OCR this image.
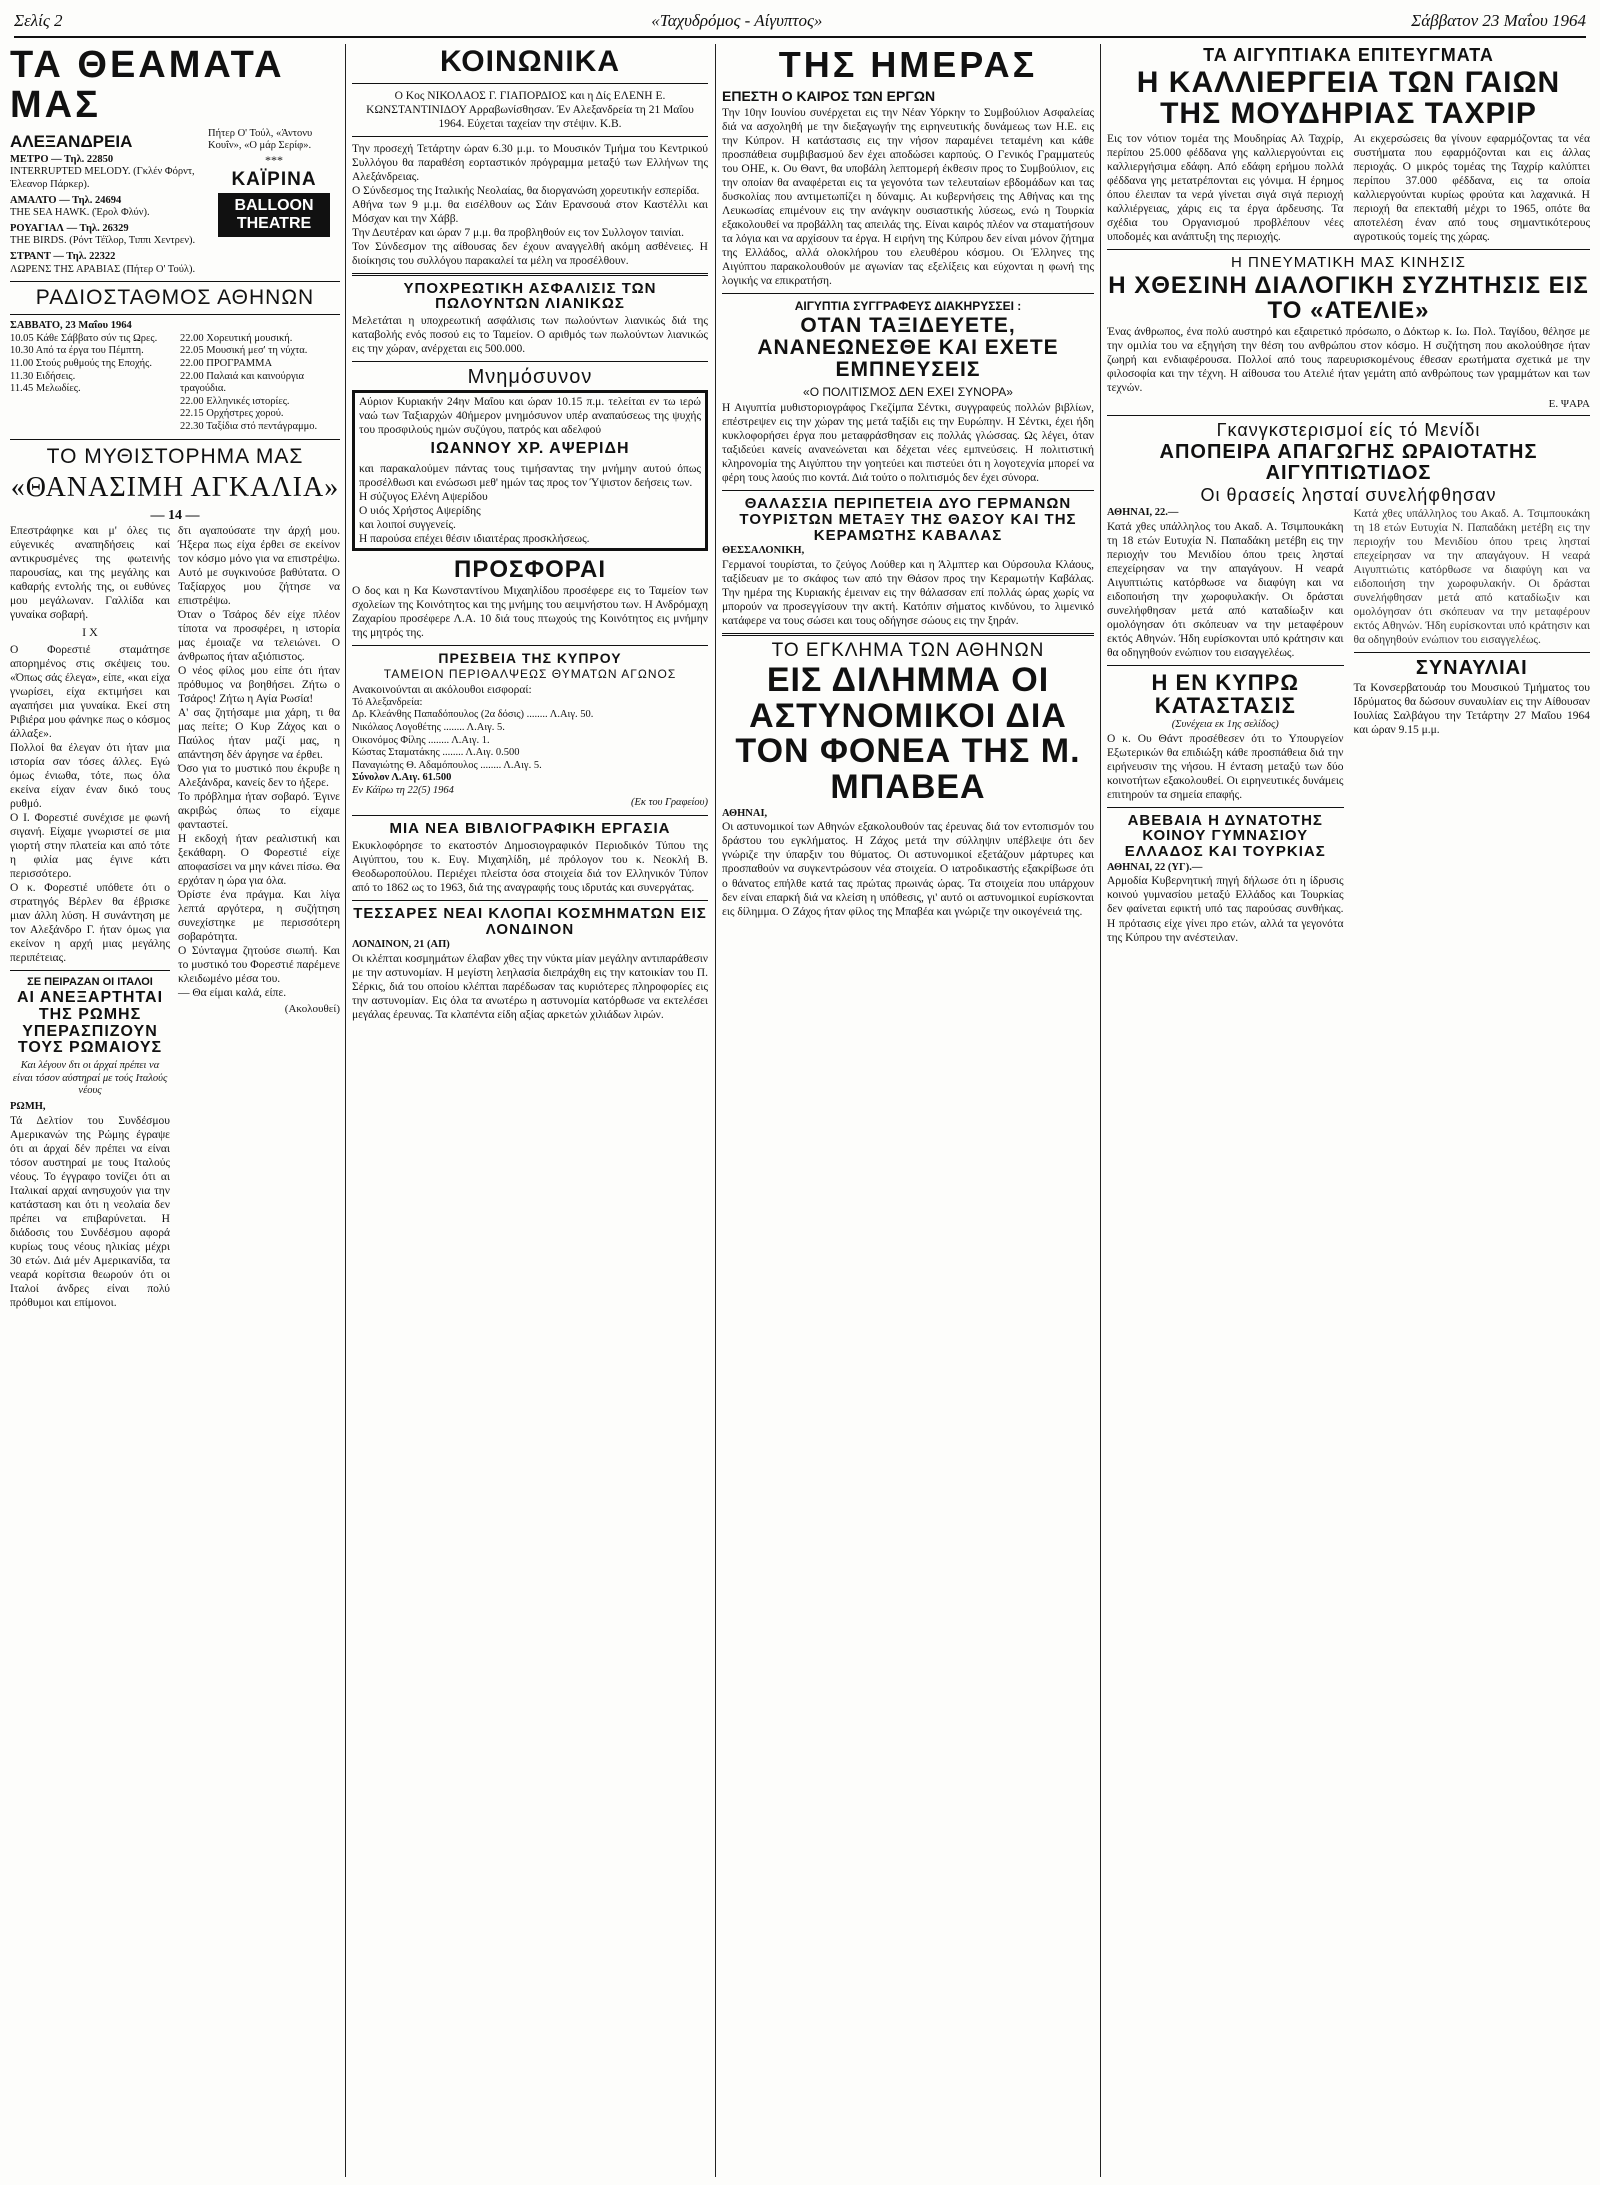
Σελίς 2	«Ταχυδρόμος - Αίγυπτος»	Σάββατον 23 Μαΐου 1964
ΤΑ ΘΕΑΜΑΤΑ ΜΑΣ
ΑΛΕΞΑΝΔΡΕΙΑ
ΜΕΤΡΟ — Τηλ. 22850
INTERRUPTED MELODY. (Γκλέν Φόρντ, Έλεανορ Πάρκερ).
ΑΜΑΛΤΟ — Τηλ. 24694
THE SEA HAWK. (Έρολ Φλύν).
ΡΟΥΑΓΙΑΛ — Τηλ. 26329
THE BIRDS. (Ρόντ Τέϊλορ, Τιππι Χεντρεν).
ΣΤΡΑΝΤ — Τηλ. 22322
ΛΩΡΕΝΣ ΤΗΣ ΑΡΑΒΙΑΣ (Πήτερ Ο' Τούλ).
Πήτερ Ο' Τούλ, «Άντονυ Κουΐν», «Ο μάρ Σερίφ».
***
ΚΑΪΡΙΝΑ
BALLOON THEATRE
ΡΑΔΙΟΣΤΑΘΜΟΣ ΑΘΗΝΩΝ
ΣΑΒΒΑΤΟ, 23 Μαΐου 1964
10.05 Κάθε Σάββατο σύν τις Ωρες.
10.30 Από τα έργα του Πέμπτη.
11.00 Στούς ρυθμούς της Εποχής.
11.30 Ειδήσεις.
11.45 Μελωδίες.
22.00 Χορευτική μουσική.
22.05 Μουσική μεσ' τη νύχτα.
22.00 ΠΡΟΓΡΑΜΜΑ
22.00 Παλαιά και καινούργια τραγούδια.
22.00 Ελληνικές ιστορίες.
22.15 Ορχήστρες χορού.
22.30 Ταξίδια στό πεντάγραμμο.
ΤΟ ΜΥΘΙΣΤΟΡΗΜΑ ΜΑΣ
«ΘΑΝΑΣΙΜΗ ΑΓΚΑΛΙΑ»
— 14 —

Επεστράφηκε και μ' όλες τις εύγενικές αναπηδήσεις καί αντικρυσμένες της φωτεινής παρουσίας, και της μεγάλης και καθαρής εντολής της, οι ευθύνες μου μεγάλωναν. Γαλλίδα και γυναίκα σοβαρή.

I X

Ο Φορεστιέ σταμάτησε απορημένος στις σκέψεις του. «Όπως σάς έλεγα», είπε, «και είχα γνωρίσει, είχα εκτιμήσει και αγαπήσει μια γυναίκα. Εκεί στη Ριβιέρα μου φάνηκε πως ο κόσμος άλλαξε».
Πολλοί θα έλεγαν ότι ήταν μια ιστορία σαν τόσες άλλες. Εγώ όμως ένιωθα, τότε, πως όλα εκείνα είχαν έναν δικό τους ρυθμό.
Ο Ι. Φορεστιέ συνέχισε με φωνή σιγανή. Είχαμε γνωριστεί σε μια γιορτή στην πλατεία και από τότε η φιλία μας έγινε κάτι περισσότερο.
Ο κ. Φορεστιέ υπόθετε ότι ο στρατηγός Βέρλεν θα έβρισκε μιαν άλλη λύση. Η συνάντηση με τον Αλεξάνδρο Γ. ήταν όμως για εκείνον η αρχή μιας μεγάλης περιπέτειας.

ΣΕ ΠΕΙΡΑΖΑΝ ΟΙ ΙΤΑΛΟΙ
ΑΙ ΑΝΕΞΑΡΤΗΤΑΙ ΤΗΣ ΡΩΜΗΣ ΥΠΕΡΑΣΠΙΖΟΥΝ ΤΟΥΣ ΡΩΜΑΙΟΥΣ
Και λέγουν δτι οι άρχαί πρέπει να είναι τόσον αύστηραί με τούς Ιταλούς νέους
ΡΩΜΗ,

Τά Δελτίον του Συνδέσμου Αμερικανών της Ρώμης έγραψε ότι αι άρχαί δέν πρέπει να είναι τόσον αυστηραί με τους Ιταλούς νέους. Το έγγραφο τονίζει ότι αι Ιταλικαί αρχαί ανησυχούν για την κατάσταση και ότι η νεολαία δεν πρέπει να επιβαρύνεται. Η διάδοσις του Συνδέσμου αφορά κυρίως τους νέους ηλικίας μέχρι 30 ετών. Διά μέν Αμερικανίδα, τα νεαρά κορίτσια θεωρούν ότι οι Ιταλοί άνδρες είναι πολύ πρόθυμοι και επίμονοι.

δτι αγαπούσατε την άρχή μου. Ήξερα πως είχα έρθει σε εκείνον τον κόσμο μόνο για να επιστρέψω. Αυτό με συγκινούσε βαθύτατα. Ο Ταξίαρχος μου ζήτησε να επιστρέψω.
Όταν ο Τσάρος δέν είχε πλέον τίποτα να προσφέρει, η ιστορία μας έμοιαζε να τελειώνει. Ο άνθρωπος ήταν αξιόπιστος.
Ο νέος φίλος μου είπε ότι ήταν πρόθυμος να βοηθήσει. Ζήτω ο Τσάρος! Ζήτω η Αγία Ρωσία!
Α' σας ζητήσαμε μια χάρη, τι θα μας πείτε; Ο Κυρ Ζάχος και ο Παύλος ήταν μαζί μας, η απάντηση δέν άργησε να έρθει.
Όσο για το μυστικό που έκρυβε η Αλεξάνδρα, κανείς δεν το ήξερε.
Το πρόβλημα ήταν σοβαρό. Έγινε ακριβώς όπως το είχαμε φανταστεί.
Η εκδοχή ήταν ρεαλιστική και ξεκάθαρη. Ο Φορεστιέ είχε αποφασίσει να μην κάνει πίσω. Θα ερχόταν η ώρα για όλα.
Όρίστε ένα πράγμα. Και λίγα λεπτά αργότερα, η συζήτηση συνεχίστηκε με περισσότερη σοβαρότητα.
Ο Σύνταγμα ζητούσε σιωπή. Και το μυστικό του Φορεστιέ παρέμενε κλειδωμένο μέσα του.
— Θα είμαι καλά, είπε.

(Ακολουθεί)
ΚΟΙΝΩΝΙΚΑ

Ο Κος ΝΙΚΟΛΑΟΣ Γ. ΓΙΑΠΟΡΔΙΟΣ και η Δίς ΕΛΕΝΗ Ε. ΚΩΝΣΤΑΝΤΙΝΙΔΟΥ Αρραβωνίσθησαν. Έν Αλεξανδρεία τη 21 Μαΐου 1964. Εύχεται ταχείαν την στέψιν. Κ.Β.

Την προσεχή Τετάρτην ώραν 6.30 μ.μ. το Μουσικόν Τμήμα του Κεντρικού Συλλόγου θα παραθέση εορταστικόν πρόγραμμα μεταξύ των Ελλήνων της Αλεξάνδρειας.
Ο Σύνδεσμος της Ιταλικής Νεολαίας, θα διοργανώση χορευτικήν εσπερίδα.
Αθήνα των 9 μ.μ. θα εισέλθουν ως Σάιν Ερανσουά στον Καστέλλι και Μόσχαν και την Χάββ.
Την Δευτέραν και ώραν 7 μ.μ. θα προβληθούν εις τον Συλλογον ταινίαι.
Τον Σύνδεσμον της αίθουσας δεν έχουν αναγγελθή ακόμη ασθένειες. Η διοίκησις του συλλόγου παρακαλεί τα μέλη να προσέλθουν.

ΥΠΟΧΡΕΩΤΙΚΗ ΑΣΦΑΛΙΣΙΣ ΤΩΝ ΠΩΛΟΥΝΤΩΝ ΛΙΑΝΙΚΩΣ

Μελετάται η υποχρεωτική ασφάλισις των πωλούντων λιανικώς διά της καταβολής ενός ποσού εις το Ταμείον. Ο αριθμός των πωλούντων λιανικώς εις την χώραν, ανέρχεται εις 500.000.

Μνημόσυνον

Αύριον Κυριακήν 24ην Μαΐου και ώραν 10.15 π.μ. τελείται εν τω ιερώ ναώ των Ταξιαρχών 40ήμερον μνημόσυνον υπέρ αναπαύσεως της ψυχής του προσφιλούς ημών συζύγου, πατρός και αδελφού

ΙΩΑΝΝΟΥ ΧΡ. ΑΨΕΡΙΔΗ

και παρακαλούμεν πάντας τους τιμήσαντας την μνήμην αυτού όπως προσέλθωσι και ενώσωσι μεθ' ημών τας προς τον Ύψιστον δεήσεις των.
Η σύζυγος Ελένη Αψερίδου
Ο υιός Χρήστος Αψερίδης
και λοιποί συγγενείς.
Η παρούσα επέχει θέσιν ιδιαιτέρας προσκλήσεως.

ΠΡΟΣΦΟΡΑΙ

Ο δος και η Κα Κωνσταντίνου Μιχαηλίδου προσέφερε εις το Ταμείον των σχολείων της Κοινότητος και της μνήμης του αειμνήστου των. Η Ανδρόμαχη Ζαχαρίου προσέφερε Λ.Α. 10 διά τους πτωχούς της Κοινότητος εις μνήμην της μητρός της.

ΠΡΕΣΒΕΙΑ ΤΗΣ ΚΥΠΡΟΥ
ΤΑΜΕΙΟΝ ΠΕΡΙΘΑΛΨΕΩΣ ΘΥΜΑΤΩΝ ΑΓΩΝΟΣ

Ανακοινούνται αι ακόλουθοι εισφοραί:

Τό Αλεξανδρεία:
Δρ. Κλεάνθης Παπαδόπουλος (2α δόσις) ........ Λ.Αιγ. 50.
Νικόλαος Λογοθέτης ........ Λ.Αιγ. 5.
Οικονόμος Φίλης ........ Λ.Αιγ. 1.
Κώστας Σταματάκης ........ Λ.Αιγ. 0.500
Παναγιώτης Θ. Αδαμόπουλος ........ Λ.Αιγ. 5.
Σύνολον Λ.Αιγ. 61.500
Εν Κάϊρω τη 22(5) 1964
(Εκ του Γραφείου)
ΜΙΑ ΝΕΑ ΒΙΒΛΙΟΓΡΑΦΙΚΗ ΕΡΓΑΣΙΑ

Εκυκλοφόρησε το εκατοστόν Δημοσιογραφικόν Περιοδικόν Τύπου της Αιγύπτου, του κ. Ευγ. Μιχαηλίδη, μέ πρόλογον του κ. Νεοκλή Β. Θεοδωροπούλου. Περιέχει πλείστα όσα στοιχεία διά τον Ελληνικόν Τύπον από το 1862 ως το 1963, διά της αναγραφής τους ιδρυτάς και συνεργάτας.

ΤΕΣΣΑΡΕΣ ΝΕΑΙ ΚΛΟΠΑΙ ΚΟΣΜΗΜΑΤΩΝ ΕΙΣ ΛΟΝΔΙΝΟΝ
ΛΟΝΔΙΝΟΝ, 21 (ΑΠ)

Οι κλέπται κοσμημάτων έλαβαν χθες την νύκτα μίαν μεγάλην αντιπαράθεσιν με την αστυνομίαν. Η μεγίστη λεηλασία διεπράχθη εις την κατοικίαν του Π. Σέρκις, διά του οποίου κλέπται παρέδωσαν τας κυριότερες πληροφορίες εις την αστυνομίαν. Εις όλα τα ανωτέρω η αστυνομία κατόρθωσε να εκτελέσει μεγάλας έρευνας. Τα κλαπέντα είδη αξίας αρκετών χιλιάδων λιρών.

ΤΗΣ ΗΜΕΡΑΣ
ΕΠΕΣΤΗ Ο ΚΑΙΡΟΣ ΤΩΝ ΕΡΓΩΝ

Την 10ην Ιουνίου συνέρχεται εις την Νέαν Υόρκην το Συμβούλιον Ασφαλείας διά να ασχοληθή με την διεξαγωγήν της ειρηνευτικής δυνάμεως των Η.Ε. εις την Κύπρον. Η κατάστασις εις την νήσον παραμένει τεταμένη και κάθε προσπάθεια συμβιβασμού δεν έχει αποδώσει καρπούς. Ο Γενικός Γραμματεύς του ΟΗΕ, κ. Ου Θαντ, θα υποβάλη λεπτομερή έκθεσιν προς το Συμβούλιον, εις την οποίαν θα αναφέρεται εις τα γεγονότα των τελευταίων εβδομάδων και τας δυσκολίας που αντιμετωπίζει η δύναμις. Αι κυβερνήσεις της Αθήνας και της Λευκωσίας επιμένουν εις την ανάγκην ουσιαστικής λύσεως, ενώ η Τουρκία εξακολουθεί να προβάλλη τας απειλάς της. Είναι καιρός πλέον να σταματήσουν τα λόγια και να αρχίσουν τα έργα. Η ειρήνη της Κύπρου δεν είναι μόνον ζήτημα της Ελλάδος, αλλά ολοκλήρου του ελευθέρου κόσμου. Οι Έλληνες της Αιγύπτου παρακολουθούν με αγωνίαν τας εξελίξεις και εύχονται η φωνή της λογικής να επικρατήση.

ΑΙΓΥΠΤΙΑ ΣΥΓΓΡΑΦΕΥΣ ΔΙΑΚΗΡΥΣΣΕΙ :
ΟΤΑΝ ΤΑΞΙΔΕΥΕΤΕ, ΑΝΑΝΕΩΝΕΣΘΕ ΚΑΙ ΕΧΕΤΕ ΕΜΠΝΕΥΣΕΙΣ
«Ο ΠΟΛΙΤΙΣΜΟΣ ΔΕΝ ΕΧΕΙ ΣΥΝΟΡΑ»

Η Αιγυπτία μυθιστοριογράφος Γκεζίμπα Σέντκι, συγγραφεύς πολλών βιβλίων, επέστρεψεν εις την χώραν της μετά ταξίδι εις την Ευρώπην. Η Σέντκι, έχει ήδη κυκλοφορήσει έργα που μεταφράσθησαν εις πολλάς γλώσσας. Ως λέγει, όταν ταξιδεύει κανείς ανανεώνεται και δέχεται νέες εμπνεύσεις. Η πολιτιστική κληρονομία της Αιγύπτου την γοητεύει και πιστεύει ότι η λογοτεχνία μπορεί να φέρη τους λαούς πιο κοντά. Διά τούτο ο πολιτισμός δεν έχει σύνορα.

ΘΑΛΑΣΣΙΑ ΠΕΡΙΠΕΤΕΙΑ ΔΥΟ ΓΕΡΜΑΝΩΝ ΤΟΥΡΙΣΤΩΝ ΜΕΤΑΞΥ ΤΗΣ ΘΑΣΟΥ ΚΑΙ ΤΗΣ ΚΕΡΑΜΩΤΗΣ ΚΑΒΑΛΑΣ
ΘΕΣΣΑΛΟΝΙΚΗ,

Γερμανοί τουρίσται, το ζεύγος Λούθερ και η Άλμπτερ και Ούρσουλα Κλάους, ταξίδευαν με το σκάφος των από την Θάσον προς την Κεραμωτήν Καβάλας. Την ημέρα της Κυριακής έμειναν εις την θάλασσαν επί πολλάς ώρας χωρίς να μπορούν να προσεγγίσουν την ακτή. Κατόπιν σήματος κινδύνου, το λιμενικό κατάφερε να τους σώσει και τους οδήγησε σώους εις την ξηράν.

ΤΟ ΕΓΚΛΗΜΑ ΤΩΝ ΑΘΗΝΩΝ
ΕΙΣ ΔΙΛΗΜΜΑ ΟΙ ΑΣΤΥΝΟΜΙΚΟΙ ΔΙΑ ΤΟΝ ΦΟΝΕΑ ΤΗΣ Μ. ΜΠΑΒΕΑ
ΑΘΗΝΑΙ,

Οι αστυνομικοί των Αθηνών εξακολουθούν τας έρευνας διά τον εντοπισμόν του δράστου του εγκλήματος. Η Ζάχος μετά την σύλληψιν υπέβλεψε ότι δεν γνώριζε την ύπαρξιν του θύματος. Οι αστυνομικοί εξετάζουν μάρτυρες και προσπαθούν να συγκεντρώσουν νέα στοιχεία. Ο ιατροδικαστής εξακρίβωσε ότι ο θάνατος επήλθε κατά τας πρώτας πρωινάς ώρας. Τα στοιχεία που υπάρχουν δεν είναι επαρκή διά να κλείση η υπόθεσις, γι' αυτό οι αστυνομικοί ευρίσκονται εις δίλημμα. Ο Ζάχος ήταν φίλος της Μπαβέα και γνώριζε την οικογένειά της.

ΤΑ ΑΙΓΥΠΤΙΑΚΑ ΕΠΙΤΕΥΓΜΑΤΑ
Η ΚΑΛΛΙΕΡΓΕΙΑ ΤΩΝ ΓΑΙΩΝ ΤΗΣ ΜΟΥΔΗΡΙΑΣ ΤΑΧΡΙΡ

Εις τον νότιον τομέα της Μουδηρίας Αλ Ταχρίρ, περίπου 25.000 φέδδανα γης καλλιεργούνται εις καλλιεργήσιμα εδάφη. Από εδάφη ερήμου πολλά φέδδανα γης μετατρέπονται εις γόνιμα. Η έρημος όπου έλειπαν τα νερά γίνεται σιγά σιγά περιοχή καλλιέργειας, χάρις εις τα έργα άρδευσης. Τα σχέδια του Οργανισμού προβλέπουν νέες υποδομές και ανάπτυξη της περιοχής.

Αι εκχερσώσεις θα γίνουν εφαρμόζοντας τα νέα συστήματα που εφαρμόζονται και εις άλλας περιοχάς. Ο μικρός τομέας της Ταχρίρ καλύπτει περίπου 37.000 φέδδανα, εις τα οποία καλλιεργούνται κυρίως φρούτα και λαχανικά. Η περιοχή θα επεκταθή μέχρι το 1965, οπότε θα αποτελέση έναν από τους σημαντικότερους αγροτικούς τομείς της χώρας.

Η ΠΝΕΥΜΑΤΙΚΗ ΜΑΣ ΚΙΝΗΣΙΣ
Η ΧΘΕΣΙΝΗ ΔΙΑΛΟΓΙΚΗ ΣΥΖΗΤΗΣΙΣ ΕΙΣ ΤΟ «ΑΤΕΛΙΕ»

Ένας άνθρωπος, ένα πολύ αυστηρό και εξαιρετικό πρόσωπο, ο Δόκτωρ κ. Ιω. Πολ. Ταγίδου, θέλησε με την ομιλία του να εξηγήση την θέση του ανθρώπου στον κόσμο. Η συζήτηση που ακολούθησε ήταν ζωηρή και ενδιαφέρουσα. Πολλοί από τους παρευρισκομένους έθεσαν ερωτήματα σχετικά με την φιλοσοφία και την τέχνη. Η αίθουσα του Ατελιέ ήταν γεμάτη από ανθρώπους των γραμμάτων και των τεχνών.

Ε. ΨΑΡΑ
Γκανγκστερισμοί είς τό Μενίδι
ΑΠΟΠΕΙΡΑ ΑΠΑΓΩΓΗΣ ΩΡΑΙΟΤΑΤΗΣ ΑΙΓΥΠΤΙΩΤΙΔΟΣ
Οι θρασείς λησταί συνελήφθησαν
ΑΘΗΝΑΙ, 22.—

Κατά χθες υπάλληλος του Ακαδ. Α. Τσιμπουκάκη τη 18 ετών Ευτυχία Ν. Παπαδάκη μετέβη εις την περιοχήν του Μενιδίου όπου τρεις λησταί επεχείρησαν να την απαγάγουν. Η νεαρά Αιγυπτιώτις κατόρθωσε να διαφύγη και να ειδοποιήση την χωροφυλακήν. Οι δράσται συνελήφθησαν μετά από καταδίωξιν και ομολόγησαν ότι σκόπευαν να την μεταφέρουν εκτός Αθηνών. Ήδη ευρίσκονται υπό κράτησιν και θα οδηγηθούν ενώπιον του εισαγγελέως.

Η ΕΝ ΚΥΠΡΩ ΚΑΤΑΣΤΑΣΙΣ
(Συνέχεια εκ 1ης σελίδος)

Ο κ. Ου Θάντ προσέθεσεν ότι το Υπουργείον Εξωτερικών θα επιδιώξη κάθε προσπάθεια διά την ειρήνευσιν της νήσου. Η ένταση μεταξύ των δύο κοινοτήτων εξακολουθεί. Οι ειρηνευτικές δυνάμεις επιτηρούν τα σημεία επαφής.

ΑΒΕΒΑΙΑ Η ΔΥΝΑΤΟΤΗΣ ΚΟΙΝΟΥ ΓΥΜΝΑΣΙΟΥ ΕΛΛΑΔΟΣ ΚΑΙ ΤΟΥΡΚΙΑΣ
ΑΘΗΝΑΙ, 22 (ΥΓ).—

Αρμοδία Κυβερνητική πηγή δήλωσε ότι η ίδρυσις κοινού γυμνασίου μεταξύ Ελλάδος και Τουρκίας δεν φαίνεται εφικτή υπό τας παρούσας συνθήκας. Η πρότασις είχε γίνει προ ετών, αλλά τα γεγονότα της Κύπρου την ανέστειλαν.

Κατά χθες υπάλληλος του Ακαδ. Α. Τσιμπουκάκη τη 18 ετών Ευτυχία Ν. Παπαδάκη μετέβη εις την περιοχήν του Μενιδίου όπου τρεις λησταί επεχείρησαν να την απαγάγουν. Η νεαρά Αιγυπτιώτις κατόρθωσε να διαφύγη και να ειδοποιήση την χωροφυλακήν. Οι δράσται συνελήφθησαν μετά από καταδίωξιν και ομολόγησαν ότι σκόπευαν να την μεταφέρουν εκτός Αθηνών. Ήδη ευρίσκονται υπό κράτησιν και θα οδηγηθούν ενώπιον του εισαγγελέως.

ΣΥΝΑΥΛΙΑΙ

Τα Κονσερβατουάρ του Μουσικού Τμήματος του Ιδρύματος θα δώσουν συναυλίαν εις την Αίθουσαν Ιουλίας Σαλβάγου την Τετάρτην 27 Μαΐου 1964 και ώραν 9.15 μ.μ.
